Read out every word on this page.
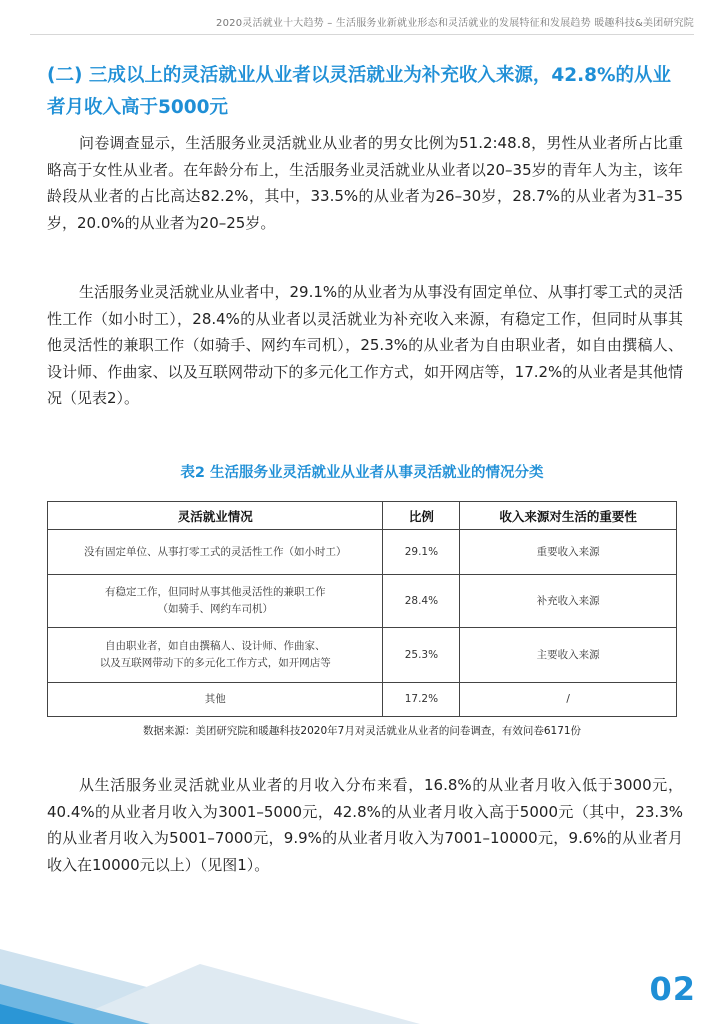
2020灵活就业十大趋势 – 生活服务业新就业形态和灵活就业的发展特征和发展趋势 暖趣科技&美团研究院
(二) 三成以上的灵活就业从业者以灵活就业为补充收入来源，42.8%的从业者月收入高于5000元

问卷调查显示，生活服务业灵活就业从业者的男女比例为51.2:48.8，男性从业者所占比重略高于女性从业者。在年龄分布上，生活服务业灵活就业从业者以20–35岁的青年人为主，该年龄段从业者的占比高达82.2%，其中，33.5%的从业者为26–30岁，28.7%的从业者为31–35岁，20.0%的从业者为20–25岁。

生活服务业灵活就业从业者中，29.1%的从业者为从事没有固定单位、从事打零工式的灵活性工作（如小时工），28.4%的从业者以灵活就业为补充收入来源，有稳定工作，但同时从事其他灵活性的兼职工作（如骑手、网约车司机），25.3%的从业者为自由职业者，如自由撰稿人、设计师、作曲家、以及互联网带动下的多元化工作方式，如开网店等，17.2%的从业者是其他情况（见表2）。

表2 生活服务业灵活就业从业者从事灵活就业的情况分类
灵活就业情况	比例	收入来源对生活的重要性
没有固定单位、从事打零工式的灵活性工作（如小时工）	29.1%	重要收入来源
有稳定工作，但同时从事其他灵活性的兼职工作
（如骑手、网约车司机）	28.4%	补充收入来源
自由职业者，如自由撰稿人、设计师、作曲家、
以及互联网带动下的多元化工作方式，如开网店等	25.3%	主要收入来源
其他	17.2%	/
数据来源：美团研究院和暖趣科技2020年7月对灵活就业从业者的问卷调查，有效问卷6171份

从生活服务业灵活就业从业者的月收入分布来看，16.8%的从业者月收入低于3000元，40.4%的从业者月收入为3001–5000元，42.8%的从业者月收入高于5000元（其中，23.3%的从业者月收入为5001–7000元，9.9%的从业者月收入为7001–10000元，9.6%的从业者月收入在10000元以上）（见图1）。

02
